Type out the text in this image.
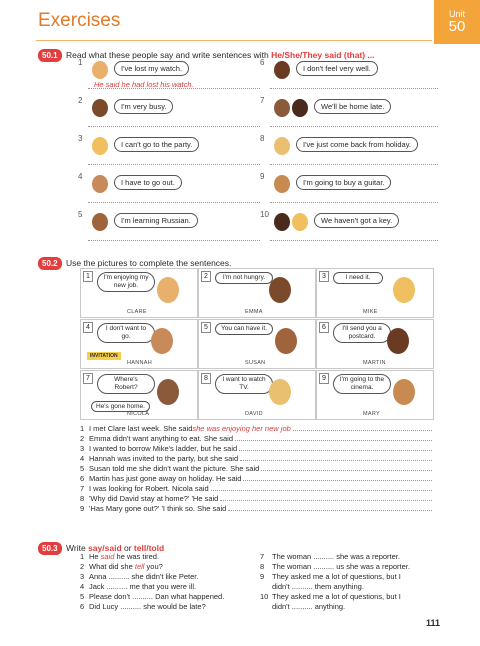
Exercises	Unit
50
50.1 Read what these people say and write sentences with He/She/They said (that) ...
50.2 Use the pictures to complete the sentences.
1	I'm enjoying my new job.
CLARE
2	I'm not hungry.
EMMA
3	I need it.
MIKE
4	I don't want to go.
INVITATION
HANNAH
5	You can have it.
SUSAN
6	I'll send you a postcard.
MARTIN
7	Where's Robert?
He's gone home.
NICOLA
8	I want to watch TV.
DAVID
9	I'm going to the cinema.
MARY
1 I met Clare last week. She said she was enjoying her new job
2 Emma didn't want anything to eat. She said
3 I wanted to borrow Mike's ladder, but he said
4 Hannah was invited to the party, but she said
5 Susan told me she didn't want the picture. She said
6 Martin has just gone away on holiday. He said
7 I was looking for Robert. Nicola said
8 'Why did David stay at home?' 'He said
9 'Has Mary gone out?' 'I think so. She said
50.3 Write say/said or tell/told
1 He said he was tired.
2 What did she tell you?
3 Anna .......... she didn't like Peter.
4 Jack .......... me that you were ill.
5 Please don't .......... Dan what happened.
6 Did Lucy .......... she would be late?
7 The woman .......... she was a reporter.
8 The woman .......... us she was a reporter.
9 They asked me a lot of questions, but I
didn't .......... them anything.
10 They asked me a lot of questions, but I
didn't .......... anything.
111
1
I've lost my watch.
He said he had lost his watch.
2
I'm very busy.
3
I can't go to the party.
4
I have to go out.
5
I'm learning Russian.
6
I don't feel very well.
7
We'll be home late.
8
I've just come back from holiday.
9
I'm going to buy a guitar.
10
We haven't got a key.
